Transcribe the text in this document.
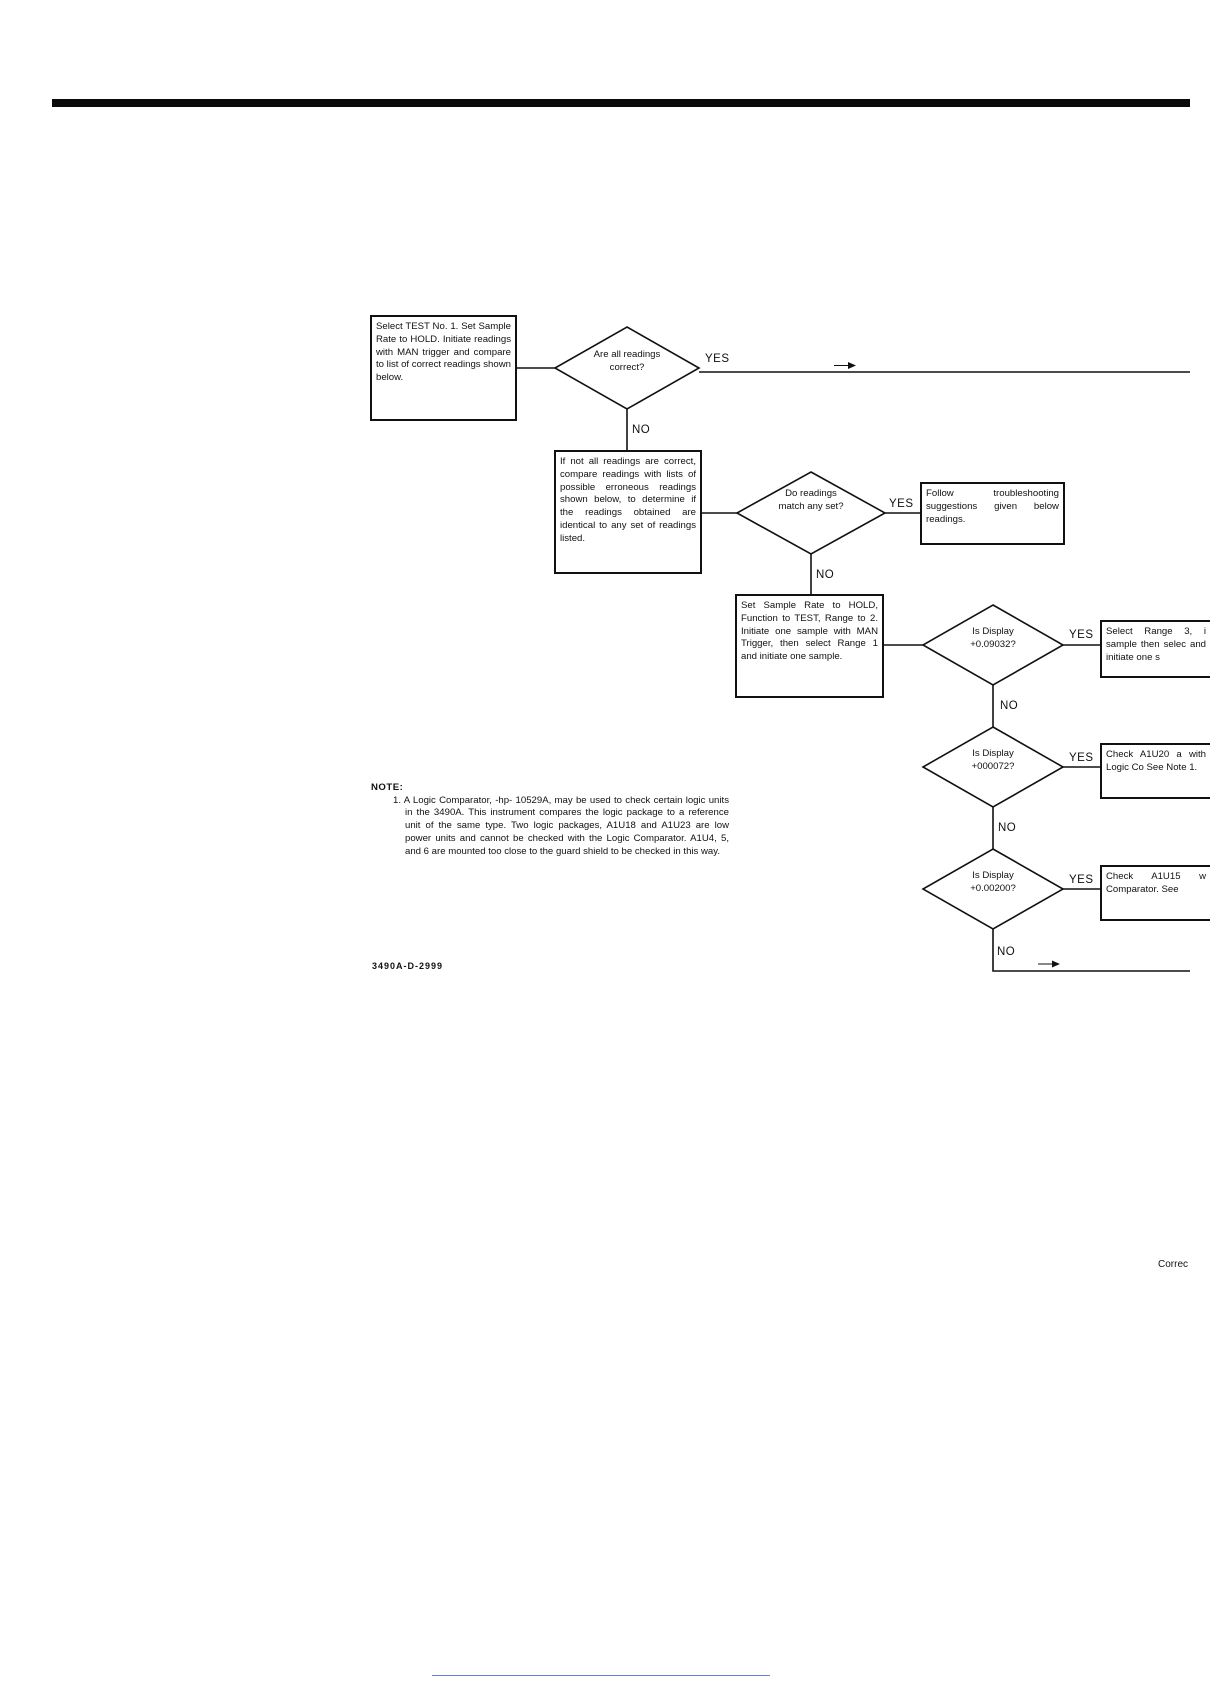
Select TEST No. 1. Set Sample Rate to HOLD. Initiate readings with MAN trigger and compare to list of correct readings shown below.
If not all readings are correct, compare readings with lists of possible erroneous readings shown below, to determine if the readings obtained are identical to any set of readings listed.
Follow troubleshooting suggestions given below readings.
Set Sample Rate to HOLD, Function to TEST, Range to 2. Initiate one sample with MAN Trigger, then select Range 1 and initiate one sample.
Select Range 3, i sample then selec and initiate one s
Check A1U20 a with Logic Co See Note 1.
Check A1U15 w Comparator. See
Are all readings correct?
Do readings match any set?
Is Display +0.09032?
Is Display +000072?
Is Display +0.00200?
YES
NO
YES
NO
YES
NO
YES
NO
YES
NO
NOTE:
1. A Logic Comparator, -hp- 10529A, may be used to check certain logic units in the 3490A. This instrument compares the logic package to a reference unit of the same type. Two logic packages, A1U18 and A1U23 are low power units and cannot be checked with the Logic Comparator. A1U4, 5, and 6 are mounted too close to the guard shield to be checked in this way.
3490A-D-2999
Correc
